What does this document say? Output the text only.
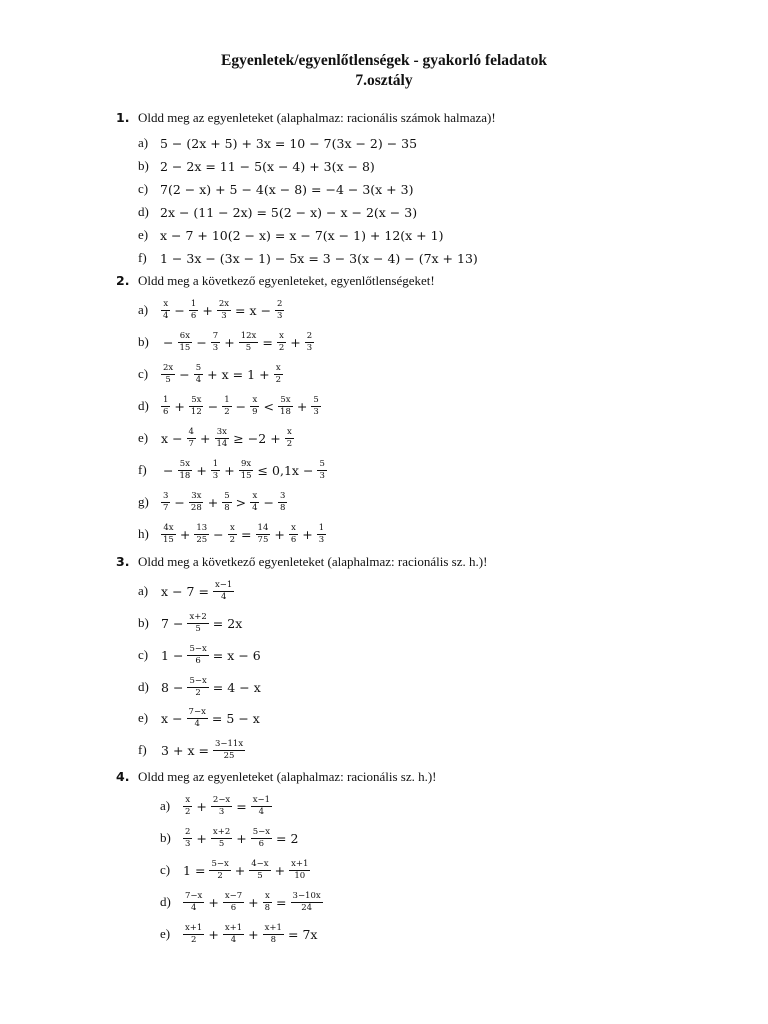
Egyenletek/egyenlőtlenségek - gyakorló feladatok
7.osztály
1. Oldd meg az egyenleteket (alaphalmaz: racionális számok halmaza)!
2. Oldd meg a következő egyenleteket, egyenlőtlenségeket!
3. Oldd meg a következő egyenleteket (alaphalmaz: racionális sz. h.)!
4. Oldd meg az egyenleteket (alaphalmaz: racionális sz. h.)!
a) 5 − (2x + 5) + 3x = 10 − 7(3x − 2) − 35
b) 2 − 2x = 11 − 5(x − 4) + 3(x − 8)
c) 7(2 − x) + 5 − 4(x − 8) = −4 − 3(x + 3)
d) 2x − (11 − 2x) = 5(2 − x) − x − 2(x − 3)
e) x − 7 + 10(2 − x) = x − 7(x − 1) + 12(x + 1)
f)	1 − 3x − (3x − 1) − 5x = 3 − 3(x − 4) − (7x + 13)
a)	$\frac{x}{4} - \frac{1}{6} + \frac{2x}{3} = x - \frac{2}{3}$
b)	− $\frac{6x}{15} - \frac{7}{3} + \frac{12x}{5} = \frac{x}{2} + \frac{2}{3}$
c)	$\frac{2x}{5} - \frac{5}{4} + x = 1 + \frac{x}{2}$
d)	$\frac{1}{6} + \frac{5x}{12} - \frac{1}{2} - \frac{x}{9} < \frac{5x}{18} + \frac{5}{3}$
e)	$x - \frac{4}{7} + \frac{3x}{14} \ge -2 + \frac{x}{2}$
f)	− $\frac{5x}{18} + \frac{1}{3} + \frac{9x}{15} \le 0,1x - \frac{5}{3}$
g)	$\frac{3}{7} - \frac{3x}{28} + \frac{5}{8} > \frac{x}{4} - \frac{3}{8}$
h)	$\frac{4x}{15} + \frac{13}{25} - \frac{x}{2} = \frac{14}{75} + \frac{x}{6} + \frac{1}{3}$
a)	$x - 7 = \frac{x-1}{4}$
b) $7 - \frac{x+2}{5} = 2x$
c)	$1 - \frac{5-x}{6} = x - 6$
d) $8 - \frac{5-x}{2} = 4 - x$
e)	$x - \frac{7-x}{4} = 5 - x$
f)	$3 + x = \frac{3-11x}{25}$
a)	$\frac{x}{2} + \frac{2-x}{3} = \frac{x-1}{4}$
b)	$\frac{2}{3} + \frac{x+2}{5} + \frac{5-x}{6} = 2$
c)	$1 = \frac{5-x}{2} + \frac{4-x}{5} + \frac{x+1}{10}$
d)	$\frac{7-x}{4} + \frac{x-7}{6} + \frac{x}{8} = \frac{3-10x}{24}$
e)	$\frac{x+1}{2} + \frac{x+1}{4} + \frac{x+1}{8} = 7x$
